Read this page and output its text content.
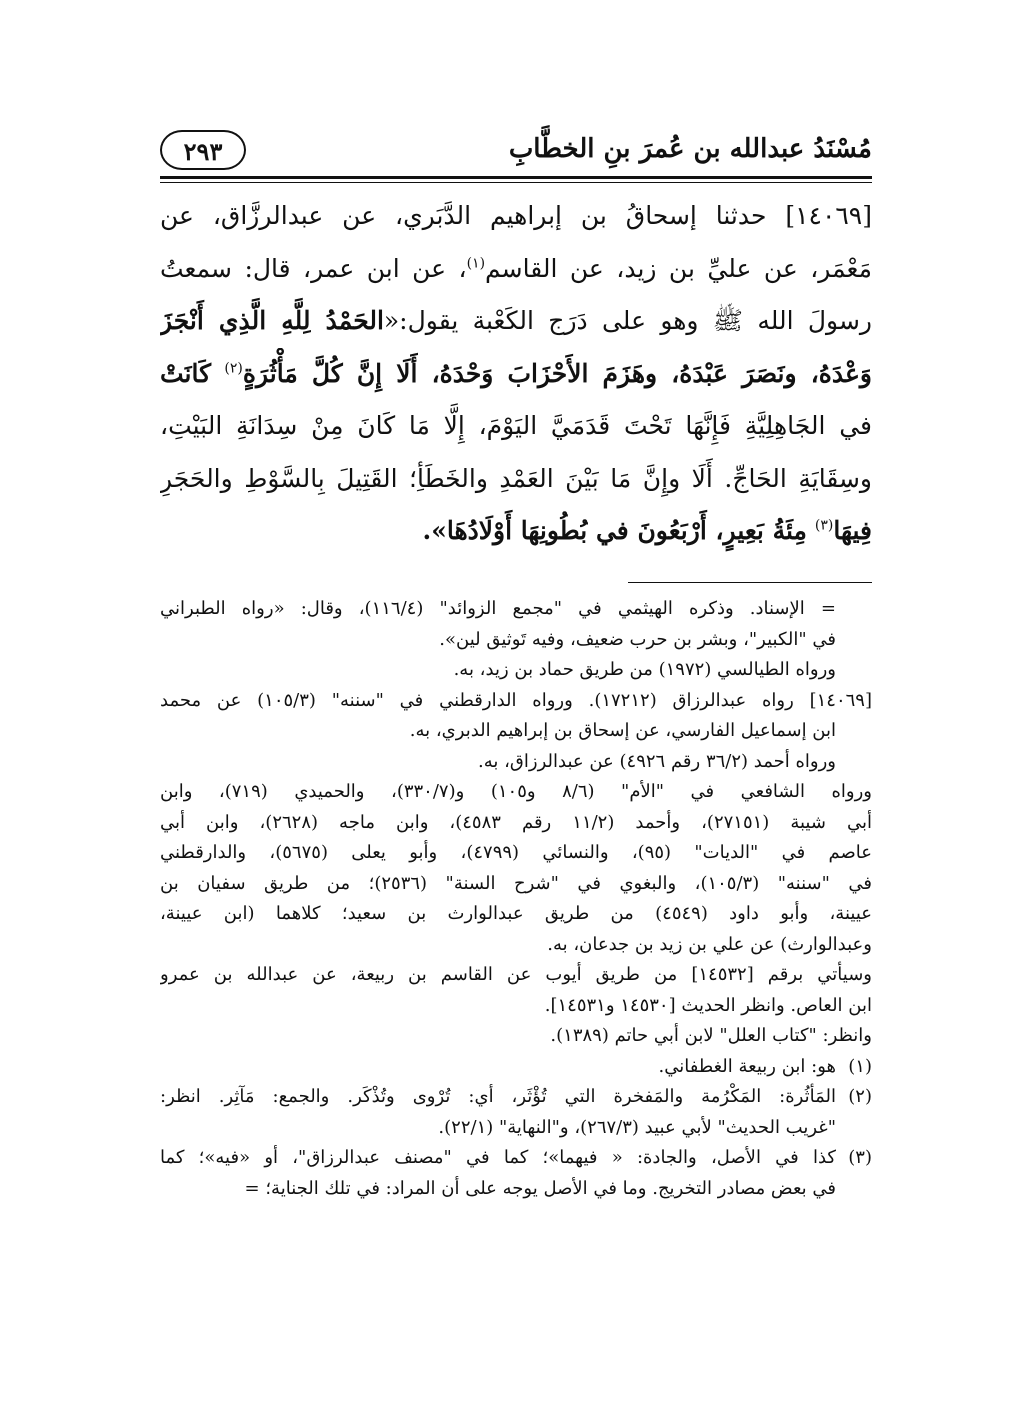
مُسْنَدُ عبدالله بن عُمرَ بنِ الخطَّابِ
٢٩٣
[١٤٠٦٩] حدثنا إسحاقُ بن إبراهيم الدَّبَري، عن عبدالرزَّاق، عن
مَعْمَر، عن عليِّ بن زيد، عن القاسم$^{(١)}$، عن ابن عمر، قال: سمعتُ
رسولَ الله ﷺ وهو على دَرَج الكَعْبة يقول:«الحَمْدُ لِلَّهِ الَّذِي أَنْجَزَ
وَعْدَهُ، ونَصَرَ عَبْدَهُ، وهَزَمَ الأَحْزَابَ وَحْدَهُ، أَلَا إِنَّ كُلَّ مَأْثُرَةٍ$^{(٢)}$ كَانَتْ
في الجَاهِلِيَّةِ فَإِنَّهَا تَحْتَ قَدَمَيَّ اليَوْمَ، إِلَّا مَا كَانَ مِنْ سِدَانَةِ البَيْتِ،
وسِقَايَةِ الحَاجِّ. أَلَا وإِنَّ مَا بَيْنَ العَمْدِ والخَطَأِ؛ القَتِيلَ بِالسَّوْطِ والحَجَرِ
فِيهَا$^{(٣)}$ مِئَةُ بَعِيرٍ، أَرْبَعُونَ في بُطُونِهَا أَوْلَادُهَا».
= الإسناد. وذكره الهيثمي في "مجمع الزوائد" (١١٦/٤)، وقال: «رواه الطبراني
في "الكبير"، وبشر بن حرب ضعيف، وفيه تَوثيق لين».
ورواه الطيالسي (١٩٧٢) من طريق حماد بن زيد، به.
[١٤٠٦٩] رواه عبدالرزاق (١٧٢١٢). ورواه الدارقطني في "سننه" (١٠٥/٣) عن محمد
ابن إسماعيل الفارسي، عن إسحاق بن إبراهيم الدبري، به.
ورواه أحمد (٣٦/٢ رقم ٤٩٢٦) عن عبدالرزاق، به.
ورواه الشافعي في "الأم" (٨/٦ و١٠٥) و(٣٣٠/٧)، والحميدي (٧١٩)، وابن
أبي شيبة (٢٧١٥١)، وأحمد (١١/٢ رقم ٤٥٨٣)، وابن ماجه (٢٦٢٨)، وابن أبي
عاصم في "الديات" (٩٥)، والنسائي (٤٧٩٩)، وأبو يعلى (٥٦٧٥)، والدارقطني
في "سننه" (١٠٥/٣)، والبغوي في "شرح السنة" (٢٥٣٦)؛ من طريق سفيان بن
عيينة، وأبو داود (٤٥٤٩) من طريق عبدالوارث بن سعيد؛ كلاهما (ابن عيينة،
وعبدالوارث) عن علي بن زيد بن جدعان، به.
وسيأتي برقم [١٤٥٣٢] من طريق أيوب عن القاسم بن ربيعة، عن عبدالله بن عمرو
ابن العاص. وانظر الحديث [١٤٥٣٠ و١٤٥٣١].
وانظر: "كتاب العلل" لابن أبي حاتم (١٣٨٩).
(١)
هو: ابن ربيعة الغطفاني.
(٢)
المَأْثُرة: المَكْرُمة والمَفخرة التي تُؤْثَر، أي: تُرْوى وتُذْكَر. والجمع: مَآثِر. انظر:
"غريب الحديث" لأبي عبيد (٢٦٧/٣)، و"النهاية" (٢٢/١).
(٣)
كذا في الأصل، والجادة: « فيهما»؛ كما في "مصنف عبدالرزاق"، أو «فيه»؛ كما
في بعض مصادر التخريج. وما في الأصل يوجه على أن المراد: في تلك الجناية؛ =
